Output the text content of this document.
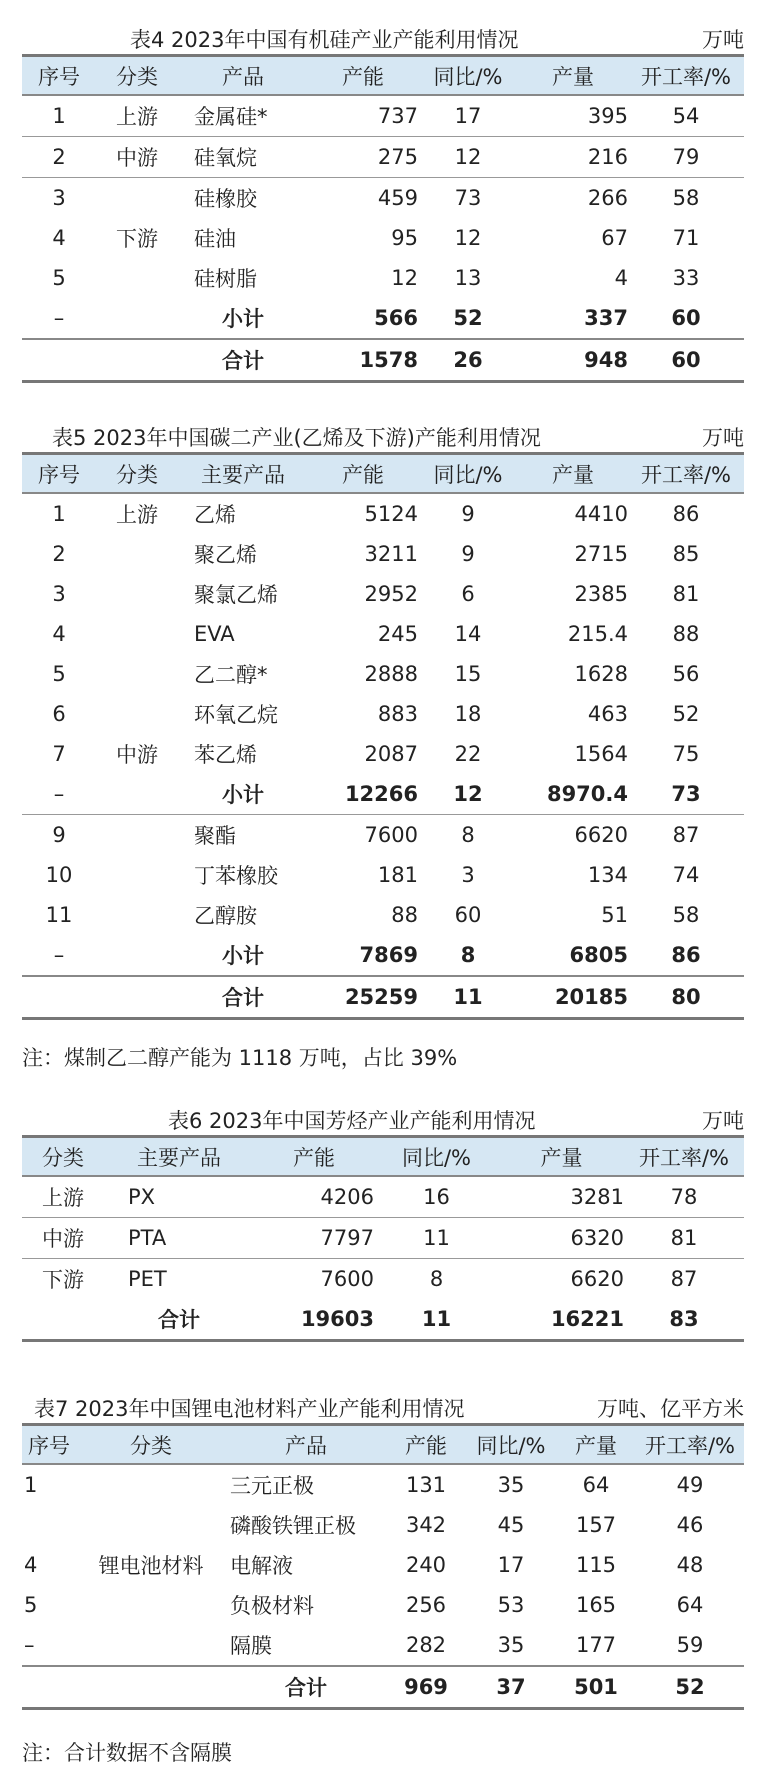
表4 2023年中国有机硅产业产能利用情况	万吨
序号	分类	产品	产能	同比/%	产量	开工率/%
1	上游	金属硅*	737	17	395	54
2	中游	硅氧烷	275	12	216	79
3		硅橡胶	459	73	266	58
4	下游	硅油	95	12	67	71
5		硅树脂	12	13	4	33
–		小计	566	52	337	60
		合计	1578	26	948	60
表5 2023年中国碳二产业(乙烯及下游)产能利用情况	万吨
序号	分类	主要产品	产能	同比/%	产量	开工率/%
1	上游	乙烯	5124	9	4410	86
2		聚乙烯	3211	9	2715	85
3		聚氯乙烯	2952	6	2385	81
4		EVA	245	14	215.4	88
5		乙二醇*	2888	15	1628	56
6		环氧乙烷	883	18	463	52
7	中游	苯乙烯	2087	22	1564	75
–		小计	12266	12	8970.4	73
9		聚酯	7600	8	6620	87
10		丁苯橡胶	181	3	134	74
11		乙醇胺	88	60	51	58
–		小计	7869	8	6805	86
		合计	25259	11	20185	80
注：煤制乙二醇产能为 1118 万吨，占比 39%
表6 2023年中国芳烃产业产能利用情况	万吨
分类	主要产品	产能	同比/%	产量	开工率/%
上游	PX	4206	16	3281	78
中游	PTA	7797	11	6320	81
下游	PET	7600	8	6620	87
	合计	19603	11	16221	83
表7 2023年中国锂电池材料产业产能利用情况	万吨、亿平方米
序号	分类	产品	产能	同比/%	产量	开工率/%
1		三元正极	131	35	64	49
		磷酸铁锂正极	342	45	157	46
4	锂电池材料	电解液	240	17	115	48
5		负极材料	256	53	165	64
–		隔膜	282	35	177	59
		合计	969	37	501	52
注：合计数据不含隔膜
